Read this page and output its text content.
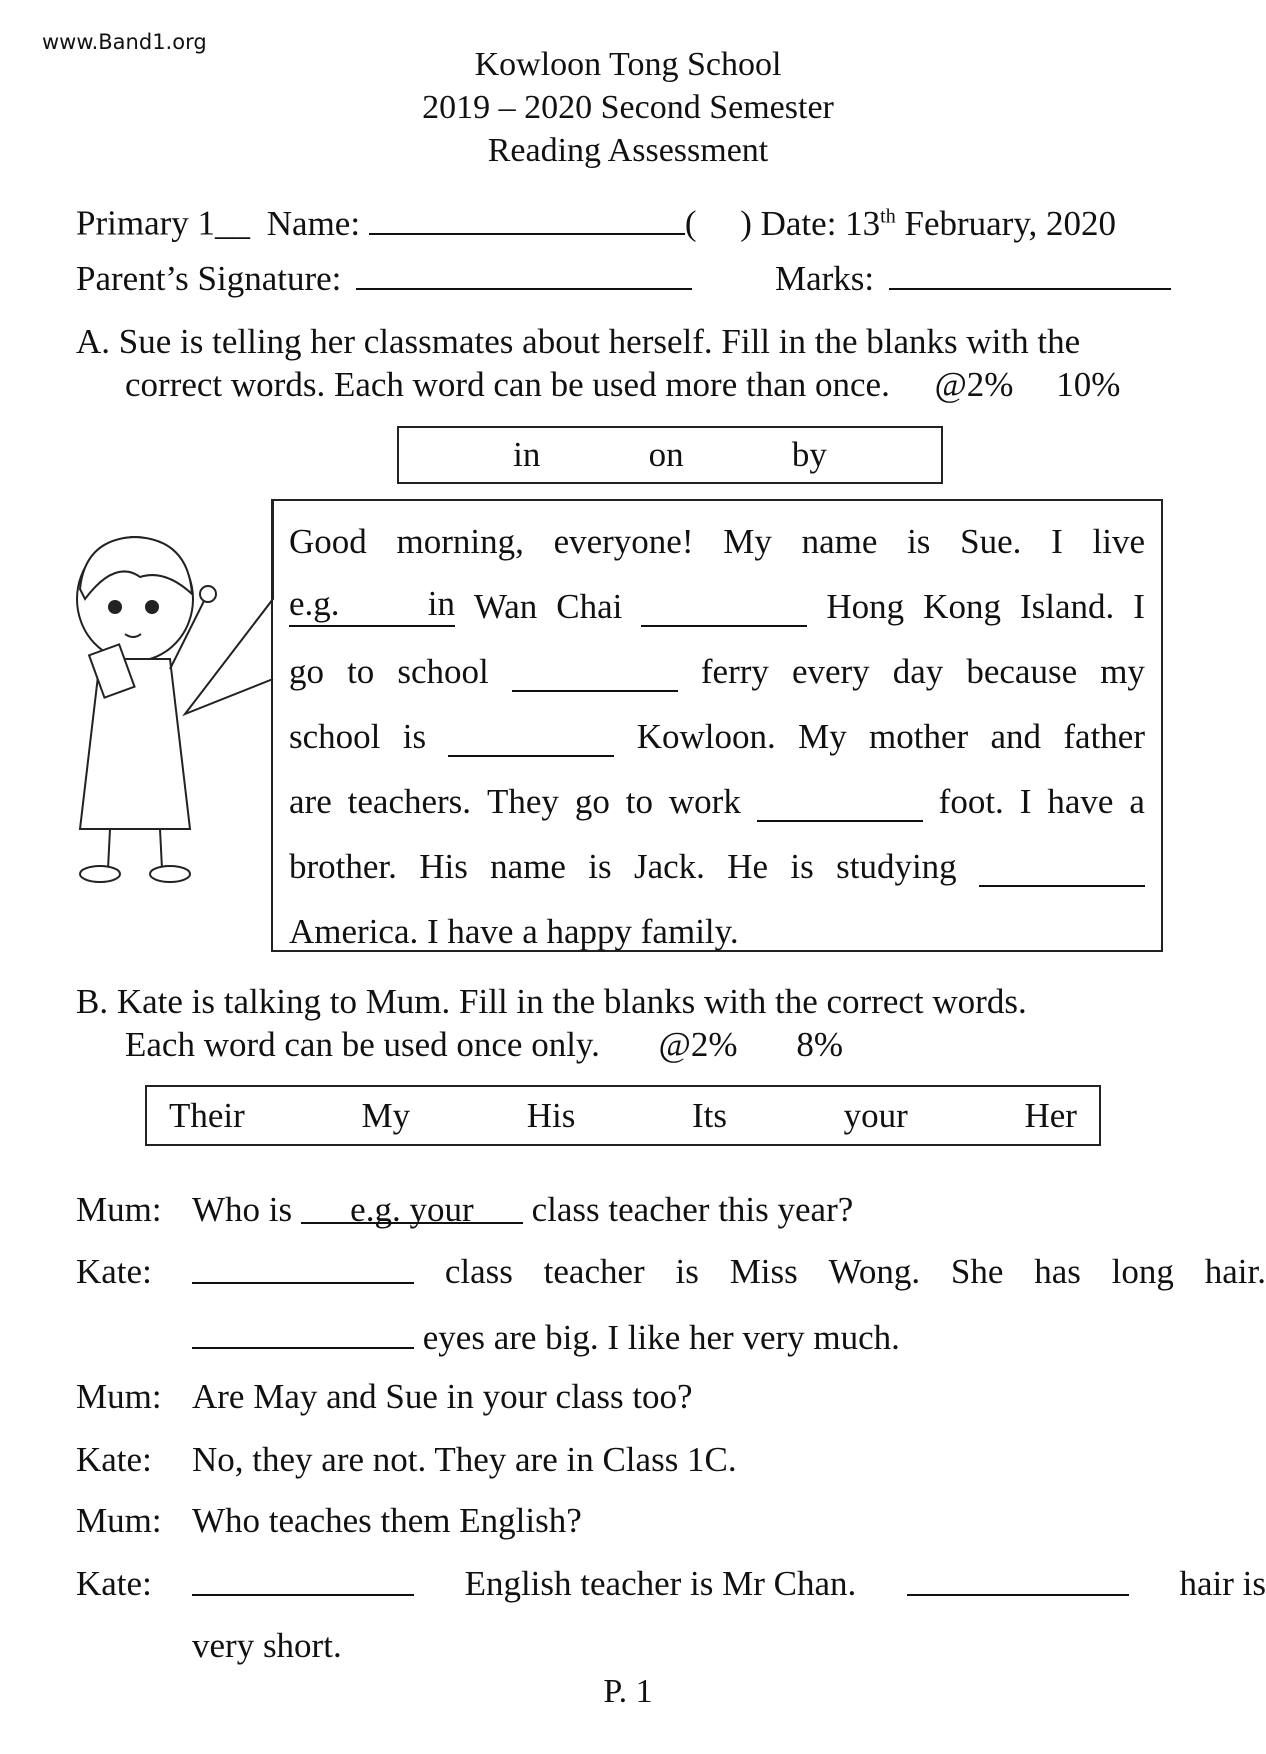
www.Band1.org
Kowloon Tong School
2019 – 2020 Second Semester
Reading Assessment
Primary 1__ Name:	(     ) Date: 13th February, 2020
Parent’s Signature:	Marks:
A. Sue is telling her classmates about herself. Fill in the blanks with the
correct words. Each word can be used more than once. @2% 10%
in	on	by
Good morning, everyone! My name is Sue. I live
e.g. in Wan Chai	Hong Kong Island. I
go to school	ferry every day because my
school is	Kowloon. My mother and father
are teachers. They go to work	foot. I have a
brother. His name is Jack. He is studying
America. I have a happy family.
B. Kate is talking to Mum. Fill in the blanks with the correct words.
Each word can be used once only. @2% 8%
Their	My	His	Its	your	Her
Mum: Who is e.g. your class teacher this year?
Kate:	class teacher is Miss Wong. She has long hair.
eyes are big. I like her very much.
Mum: Are May and Sue in your class too?
Kate: No, they are not. They are in Class 1C.
Mum: Who teaches them English?
Kate:	English teacher is Mr Chan.	hair is
very short.
P. 1
